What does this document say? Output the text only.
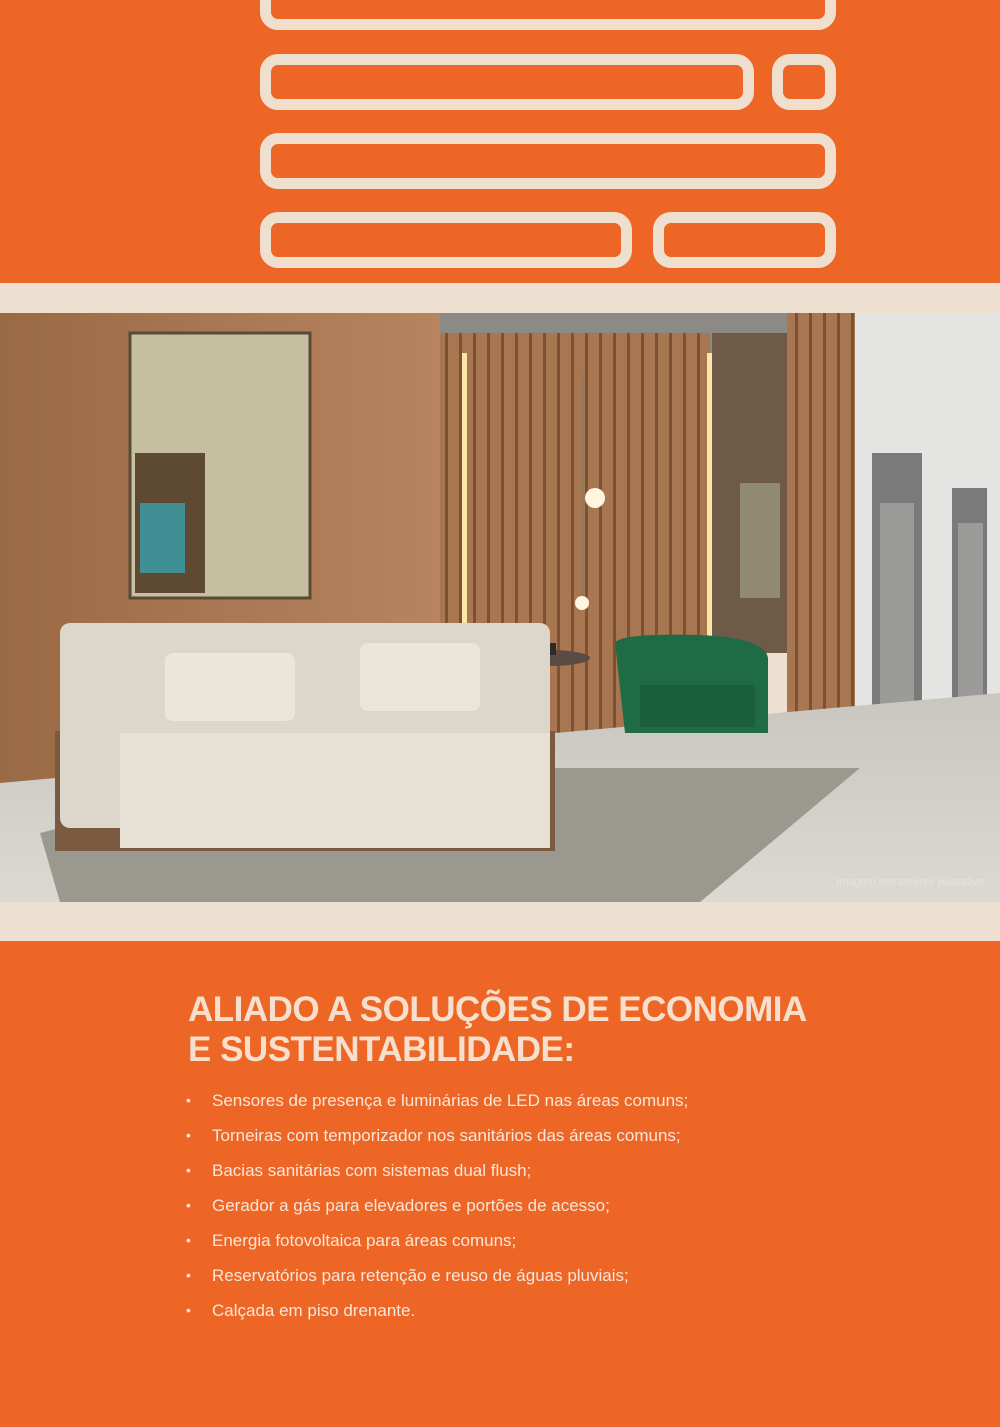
Imagem meramente ilustrativa
ALIADO A SOLUÇÕES DE ECONOMIA
E SUSTENTABILIDADE:
• Sensores de presença e luminárias de LED nas áreas comuns;
• Torneiras com temporizador nos sanitários das áreas comuns;
• Bacias sanitárias com sistemas dual flush;
• Gerador a gás para elevadores e portões de acesso;
• Energia fotovoltaica para áreas comuns;
• Reservatórios para retenção e reuso de águas pluviais;
• Calçada em piso drenante.
